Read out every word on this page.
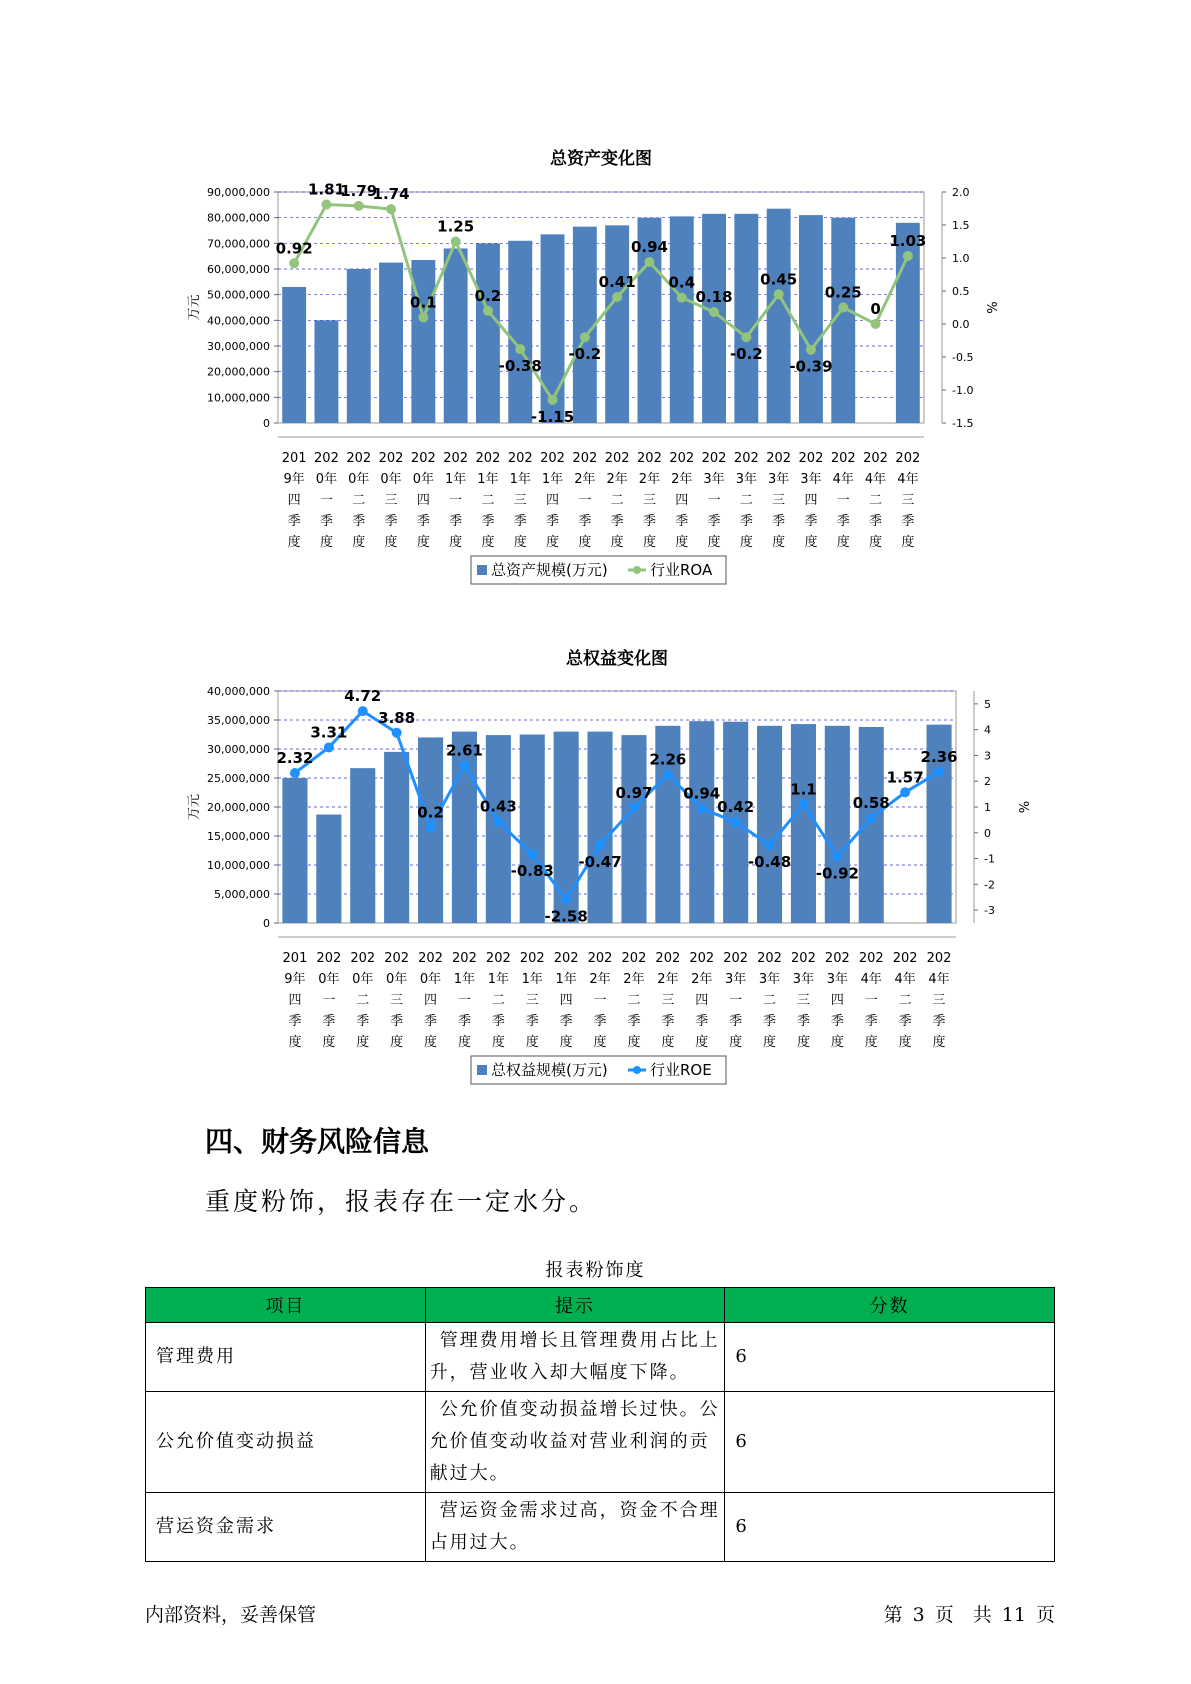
总资产变化图
0
10,000,000
20,000,000
30,000,000
40,000,000
50,000,000
60,000,000
70,000,000
80,000,000
90,000,000
-1.5
-1.0
-0.5
0.0
0.5
1.0
1.5
2.0
万元	%
201
9年
四
季
度
202
0年
一
季
度
202
0年
二
季
度
202
0年
三
季
度
202
0年
四
季
度
202
1年
一
季
度
202
1年
二
季
度
202
1年
三
季
度
202
1年
四
季
度
202
2年
一
季
度
202
2年
二
季
度
202
2年
三
季
度
202
2年
四
季
度
202
3年
一
季
度
202
3年
二
季
度
202
3年
三
季
度
202
3年
四
季
度
202
4年
一
季
度
202
4年
二
季
度
202
4年
三
季
度
0.92
1.81
1.79
1.74
0.1
1.25
0.2
-0.38
-1.15
-0.2
0.41
0.94
0.4
0.18
-0.2
0.45
-0.39
0.25
0
1.03
总资产规模(万元)	行业ROA
总权益变化图
0
5,000,000
10,000,000
15,000,000
20,000,000
25,000,000
30,000,000
35,000,000
40,000,000
-3
-2
-1
0
1
2
3
4
5
万元	%
201
9年
四
季
度
202
0年
一
季
度
202
0年
二
季
度
202
0年
三
季
度
202
0年
四
季
度
202
1年
一
季
度
202
1年
二
季
度
202
1年
三
季
度
202
1年
四
季
度
202
2年
一
季
度
202
2年
二
季
度
202
2年
三
季
度
202
2年
四
季
度
202
3年
一
季
度
202
3年
二
季
度
202
3年
三
季
度
202
3年
四
季
度
202
4年
一
季
度
202
4年
二
季
度
202
4年
三
季
度
2.32
3.31
4.72
3.88
0.2
2.61
0.43
-0.83
-2.58
-0.47
0.97
2.26
0.94
0.42
-0.48
1.1
-0.92
0.58
1.57
2.36
总权益规模(万元)	行业ROE
四、财务风险信息

重度粉饰，报表存在一定水分。

报表粉饰度
项目	提示	分数
管理费用	管理费用增长且管理费用占比上升，营业收入却大幅度下降。	6
公允价值变动损益	公允价值变动损益增长过快。公允价值变动收益对营业利润的贡献过大。	6
营运资金需求	营运资金需求过高，资金不合理占用过大。	6
内部资料，妥善保管	第 3 页　共 11 页
